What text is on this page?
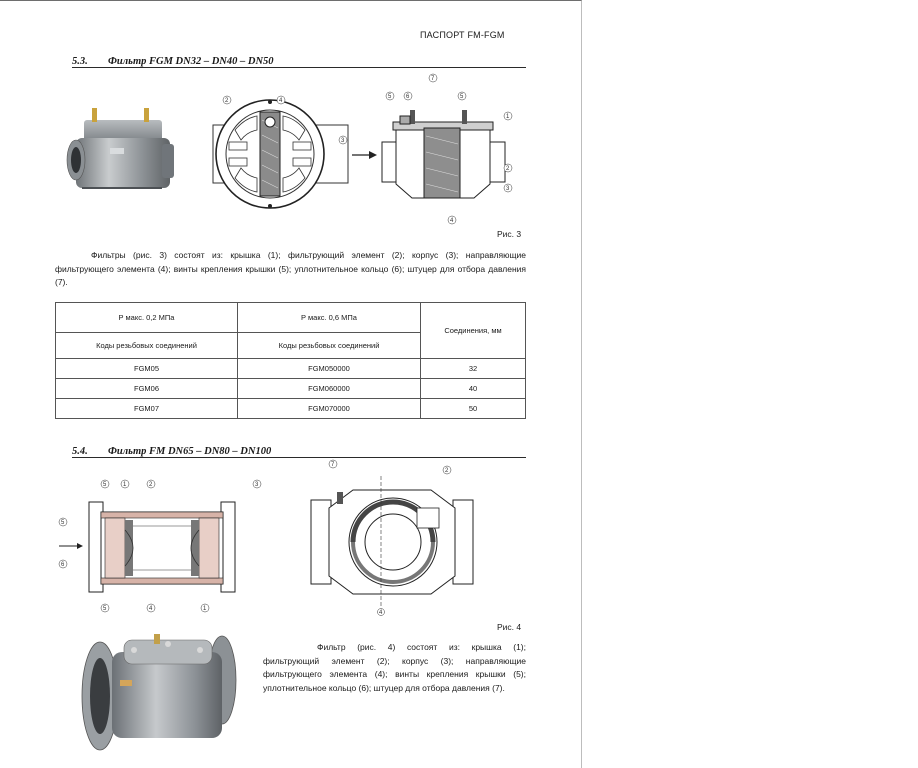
ПАСПОРТ FM-FGM
5.3. Фильтр FGM DN32 – DN40 – DN50
2	4
3
5 6
7
5
1
2
3
4
Рис. 3
Фильтры (рис. 3) состоят из: крышка (1); фильтрующий элемент (2); корпус (3); направляющие фильтрующего элемента (4); винты крепления крышки (5); уплотнительное кольцо (6); штуцер для отбора давления (7).
P макс. 0,2 МПа	P макс. 0,6 МПа	Соединения, мм
Коды резьбовых соединений	Коды резьбовых соединений	
FGM05	FGM050000	32
FGM06	FGM060000	40
FGM07	FGM070000	50
5.4. Фильтр FM DN65 – DN80 – DN100
5	1	2	3
5
6
5	4	1
7
2
4
Рис. 4
Фильтр (рис. 4) состоят из: крышка (1); фильтрующий элемент (2); корпус (3); направляющие фильтрующего элемента (4); винты крепления крышки (5); уплотнительное кольцо (6); штуцер для отбора давления (7).
